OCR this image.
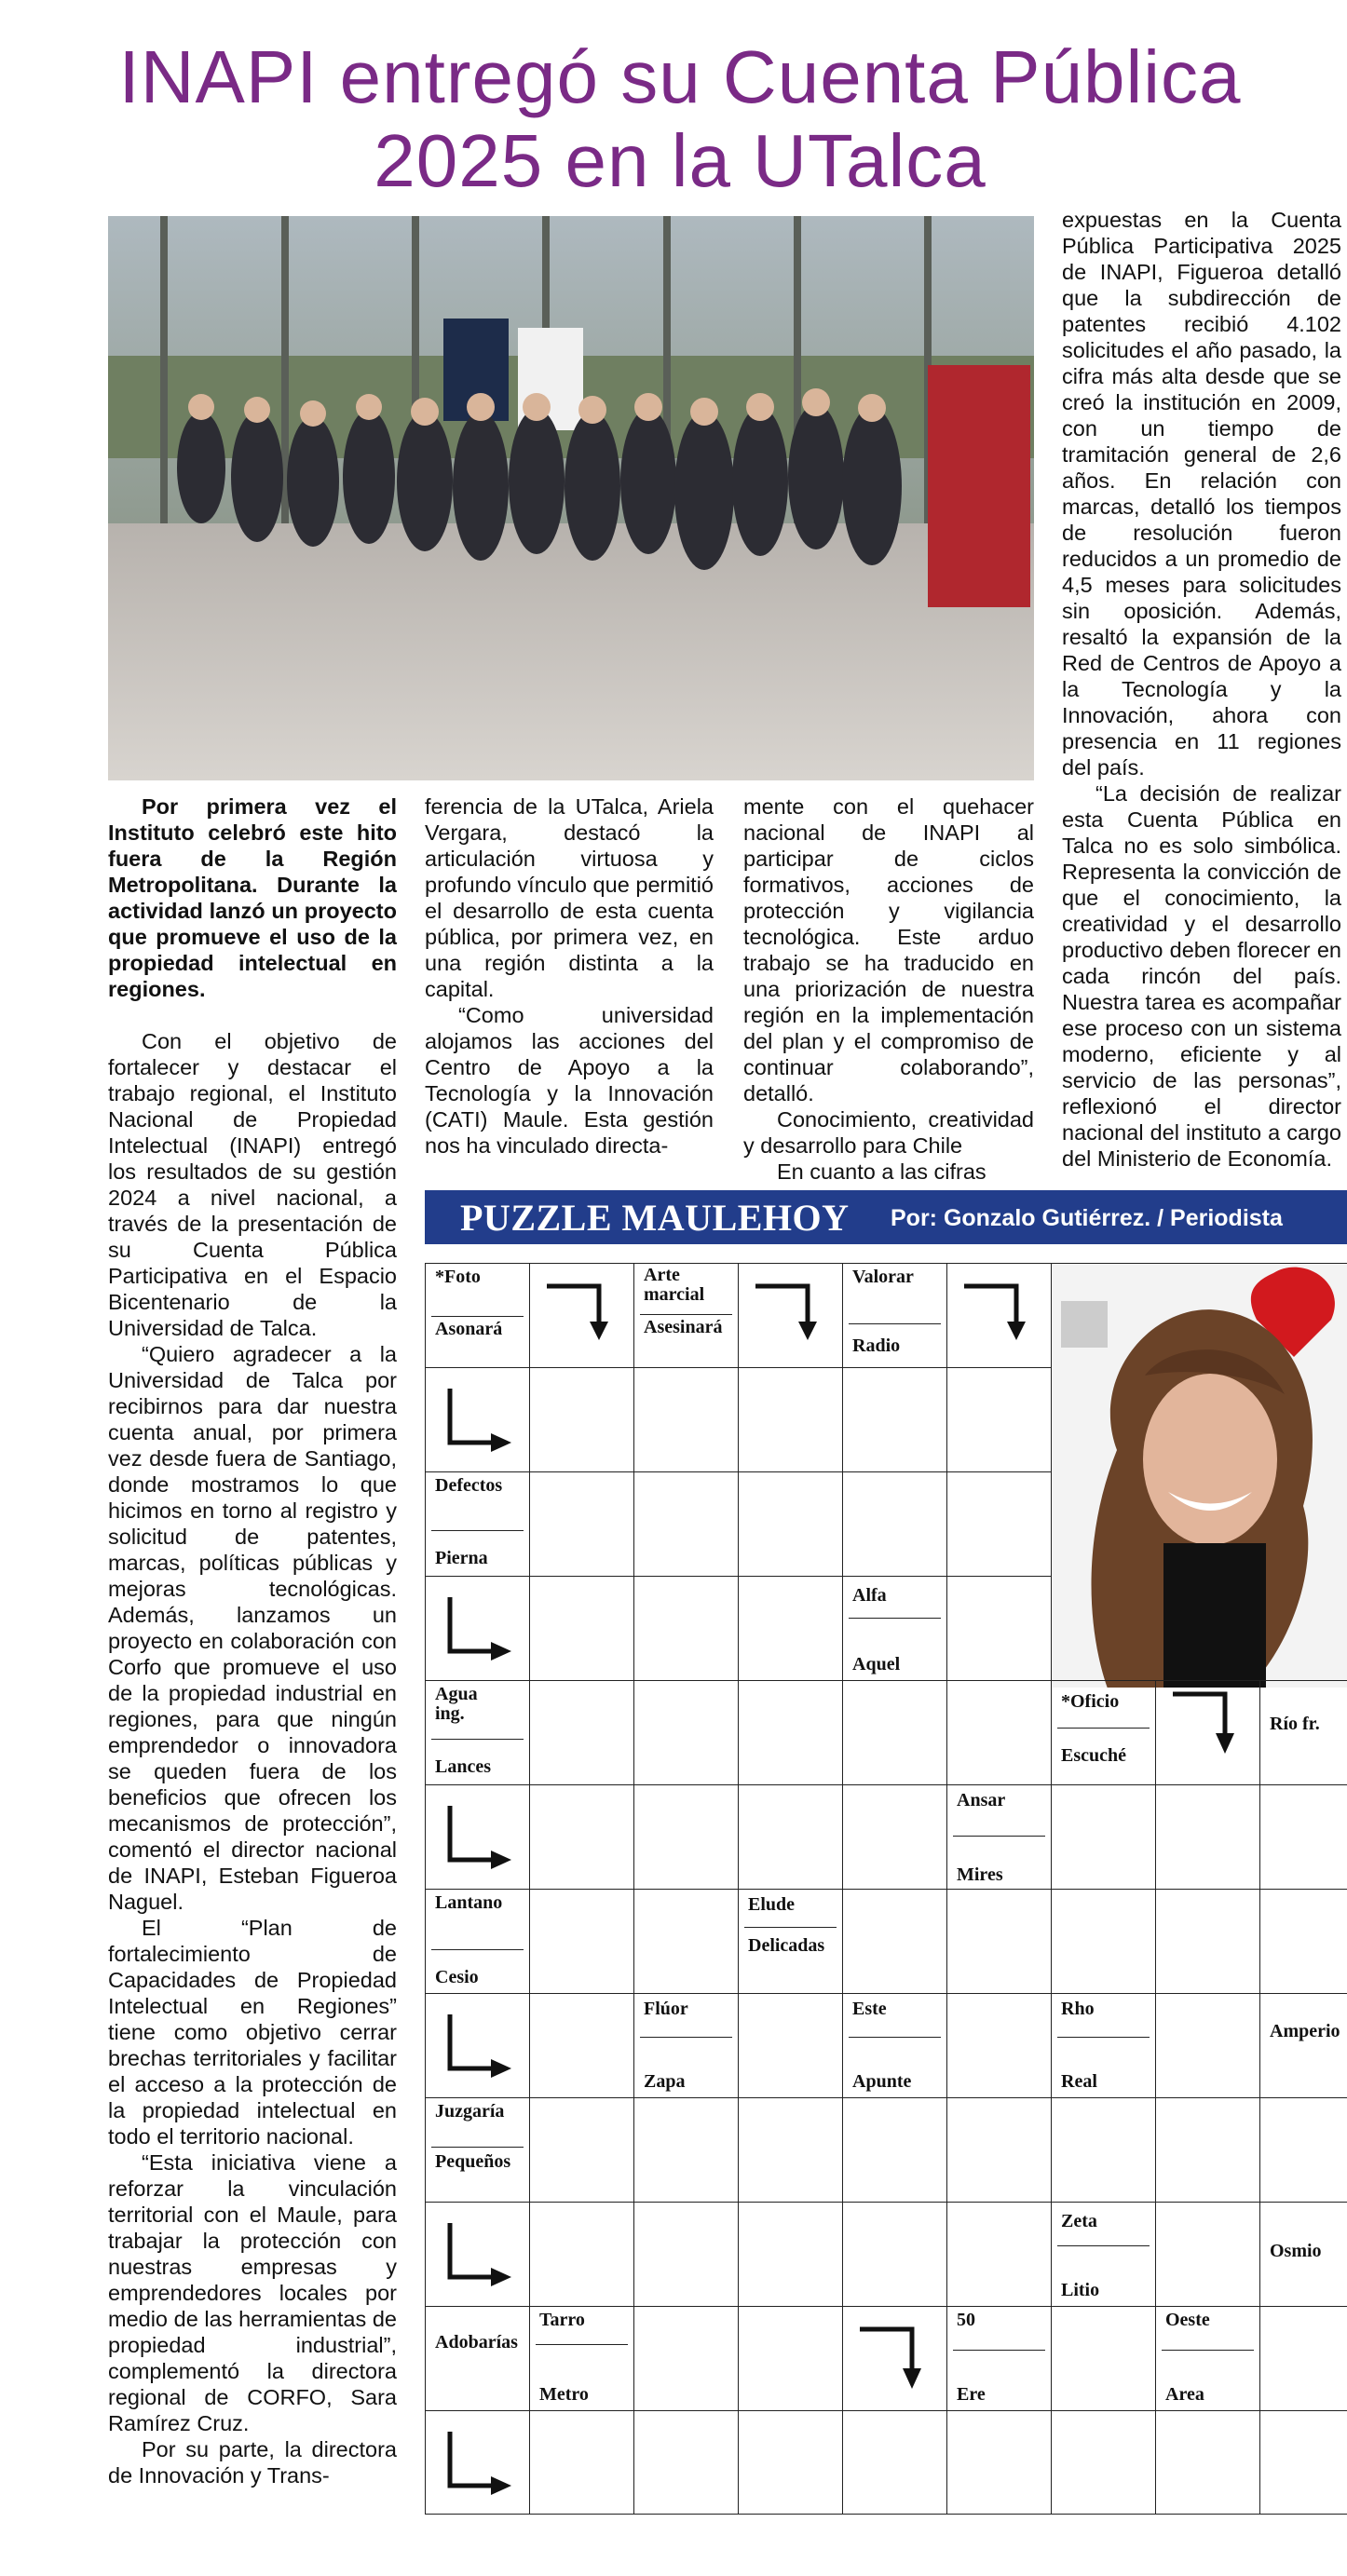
INAPI entregó su Cuenta Pública 2025 en la UTalca

Por primera vez el Instituto celebró este hito fuera de la Región Metropolitana. Durante la actividad lanzó un proyecto que promueve el uso de la propiedad intelectual en regiones.

Con el objetivo de fortalecer y destacar el trabajo regional, el Instituto Nacional de Propiedad Intelectual (INAPI) entregó los resultados de su gestión 2024 a nivel nacional, a través de la presentación de su Cuenta Pública Participativa en el Espacio Bicentenario de la Universidad de Talca.

“Quiero agradecer a la Universidad de Talca por recibirnos para dar nuestra cuenta anual, por primera vez desde fuera de Santiago, donde mostramos lo que hicimos en torno al registro y solicitud de patentes, marcas, políticas públicas y mejoras tecnológicas. Además, lanzamos un proyecto en colaboración con Corfo que promueve el uso de la propiedad industrial en regiones, para que ningún emprendedor o innovadora se queden fuera de los beneficios que ofrecen los mecanismos de protección”, comentó el director nacional de INAPI, Esteban Figueroa Naguel.

El “Plan de fortalecimiento de Capacidades de Propiedad Intelectual en Regiones” tiene como objetivo cerrar brechas territoriales y facilitar el acceso a la protección de la propiedad intelectual en todo el territorio nacional.

“Esta iniciativa viene a reforzar la vinculación territorial con el Maule, para trabajar la protección con nuestras empresas y emprendedores locales por medio de las herramientas de propiedad industrial”, complementó la directora regional de CORFO, Sara Ramírez Cruz.

Por su parte, la directora de Innovación y Trans-

ferencia de la UTalca, Ariela Vergara, destacó la articulación virtuosa y profundo vínculo que permitió el desarrollo de esta cuenta pública, por primera vez, en una región distinta a la capital.

“Como universidad alojamos las acciones del Centro de Apoyo a la Tecnología y la Innovación (CATI) Maule. Esta gestión nos ha vinculado directa-

mente con el quehacer nacional de INAPI al participar de ciclos formativos, acciones de protección y vigilancia tecnológica. Este arduo trabajo se ha traducido en una priorización de nuestra región en la implementación del plan y el compromiso de continuar colaborando”, detalló.

Conocimiento, creatividad y desarrollo para Chile

En cuanto a las cifras

expuestas en la Cuenta Pública Participativa 2025 de INAPI, Figueroa detalló que la subdirección de patentes recibió 4.102 solicitudes el año pasado, la cifra más alta desde que se creó la institución en 2009, con un tiempo de tramitación general de 2,6 años. En relación con marcas, detalló los tiempos de resolución fueron reducidos a un promedio de 4,5 meses para solicitudes sin oposición. Además, resaltó la expansión de la Red de Centros de Apoyo a la Tecnología y la Innovación, ahora con presencia en 11 regiones del país.

“La decisión de realizar esta Cuenta Pública en Talca no es solo simbólica. Representa la convicción de que el conocimiento, la creatividad y el desarrollo productivo deben florecer en cada rincón del país. Nuestra tarea es acompañar ese proceso con un sistema moderno, eficiente y al servicio de las personas”, reflexionó el director nacional del instituto a cargo del Ministerio de Economía.

PUZZLE MAULEHOY Por: Gonzalo Gutiérrez. / Periodista
*Foto
Asonará
Arte marcial
Asesinará
Valorar
Radio
Defectos
Pierna
Alfa
Aquel
Agua ing.
Lances
*Oficio
Escuché
Río fr.
Ansar
Mires
Lantano
Cesio
Elude
Delicadas
Flúor
Zapa
Este
Apunte
Rho
Real
Amperio
Juzgaría
Pequeños
Zeta
Litio
Osmio
Adobarías
Tarro
Metro
50
Ere
Oeste
Area
